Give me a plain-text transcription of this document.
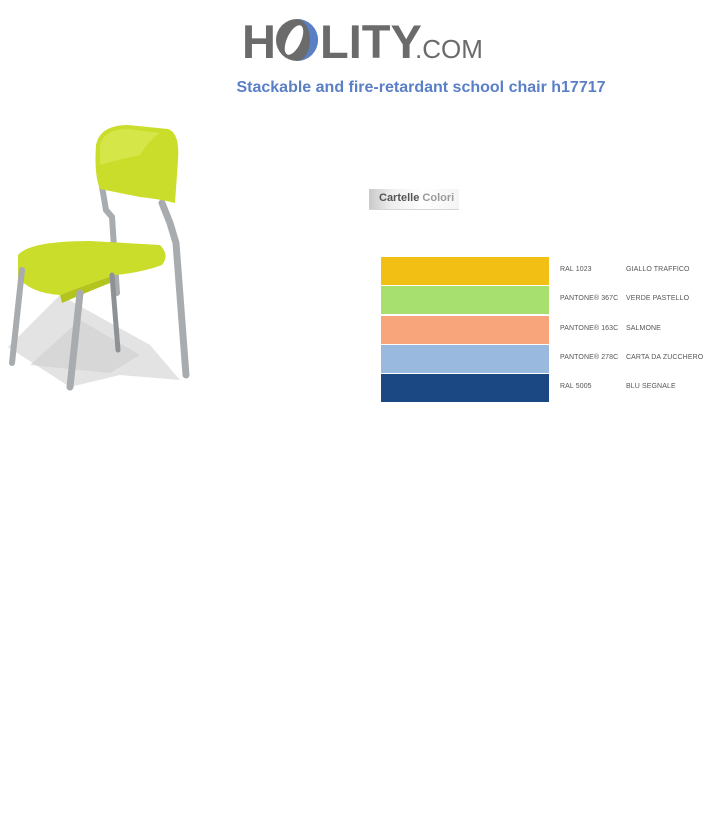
H LITY
.COM
Stackable and fire-retardant school chair h17717
Cartelle Colori
RAL 1023	GIALLO TRAFFICO
PANTONE® 367C VERDE PASTELLO
PANTONE® 163C SALMONE
PANTONE® 278C CARTA DA ZUCCHERO
RAL 5005	BLU SEGNALE
